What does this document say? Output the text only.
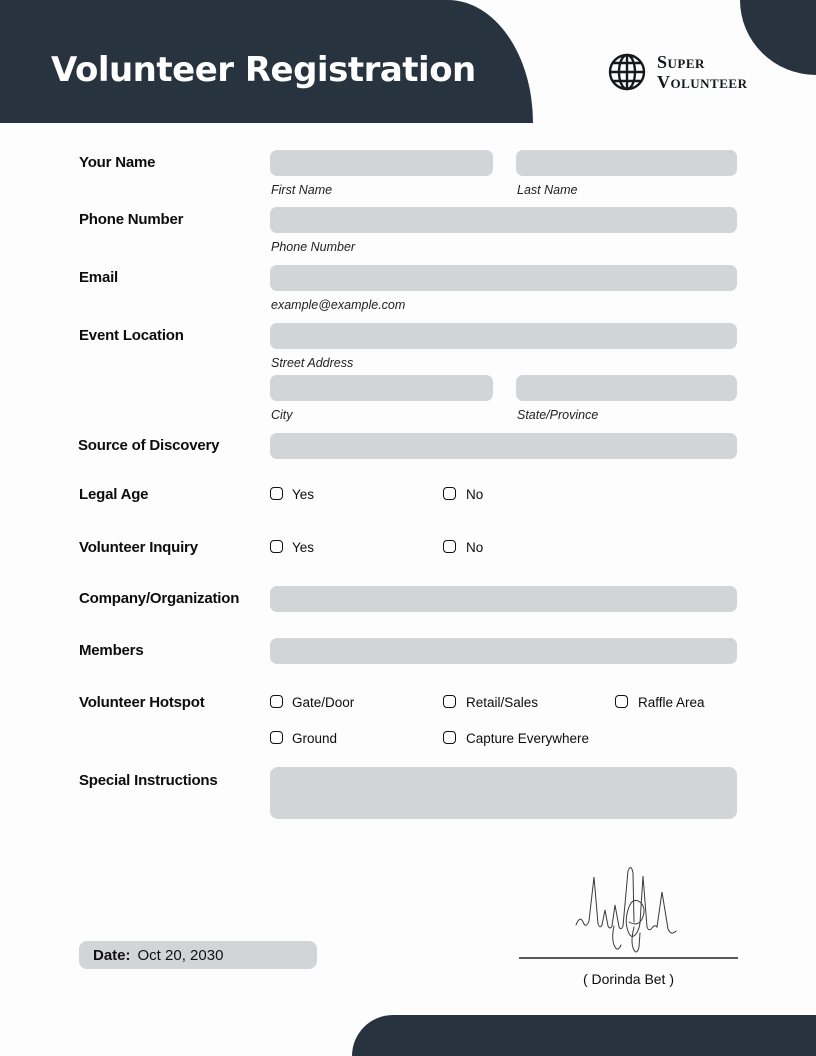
Volunteer Registration	Super
Volunteer
Your Name
First Name	Last Name
Phone Number
Phone Number
Email
example@example.com
Event Location
Street Address
City	State/Province
Source of Discovery
Legal Age	Yes	No
Volunteer Inquiry	Yes	No
Company/Organization
Members
Volunteer Hotspot	Gate/Door	Retail/Sales	Raffle Area
Ground	Capture Everywhere
Special Instructions
Date: Oct 20, 2030
( Dorinda Bet )
